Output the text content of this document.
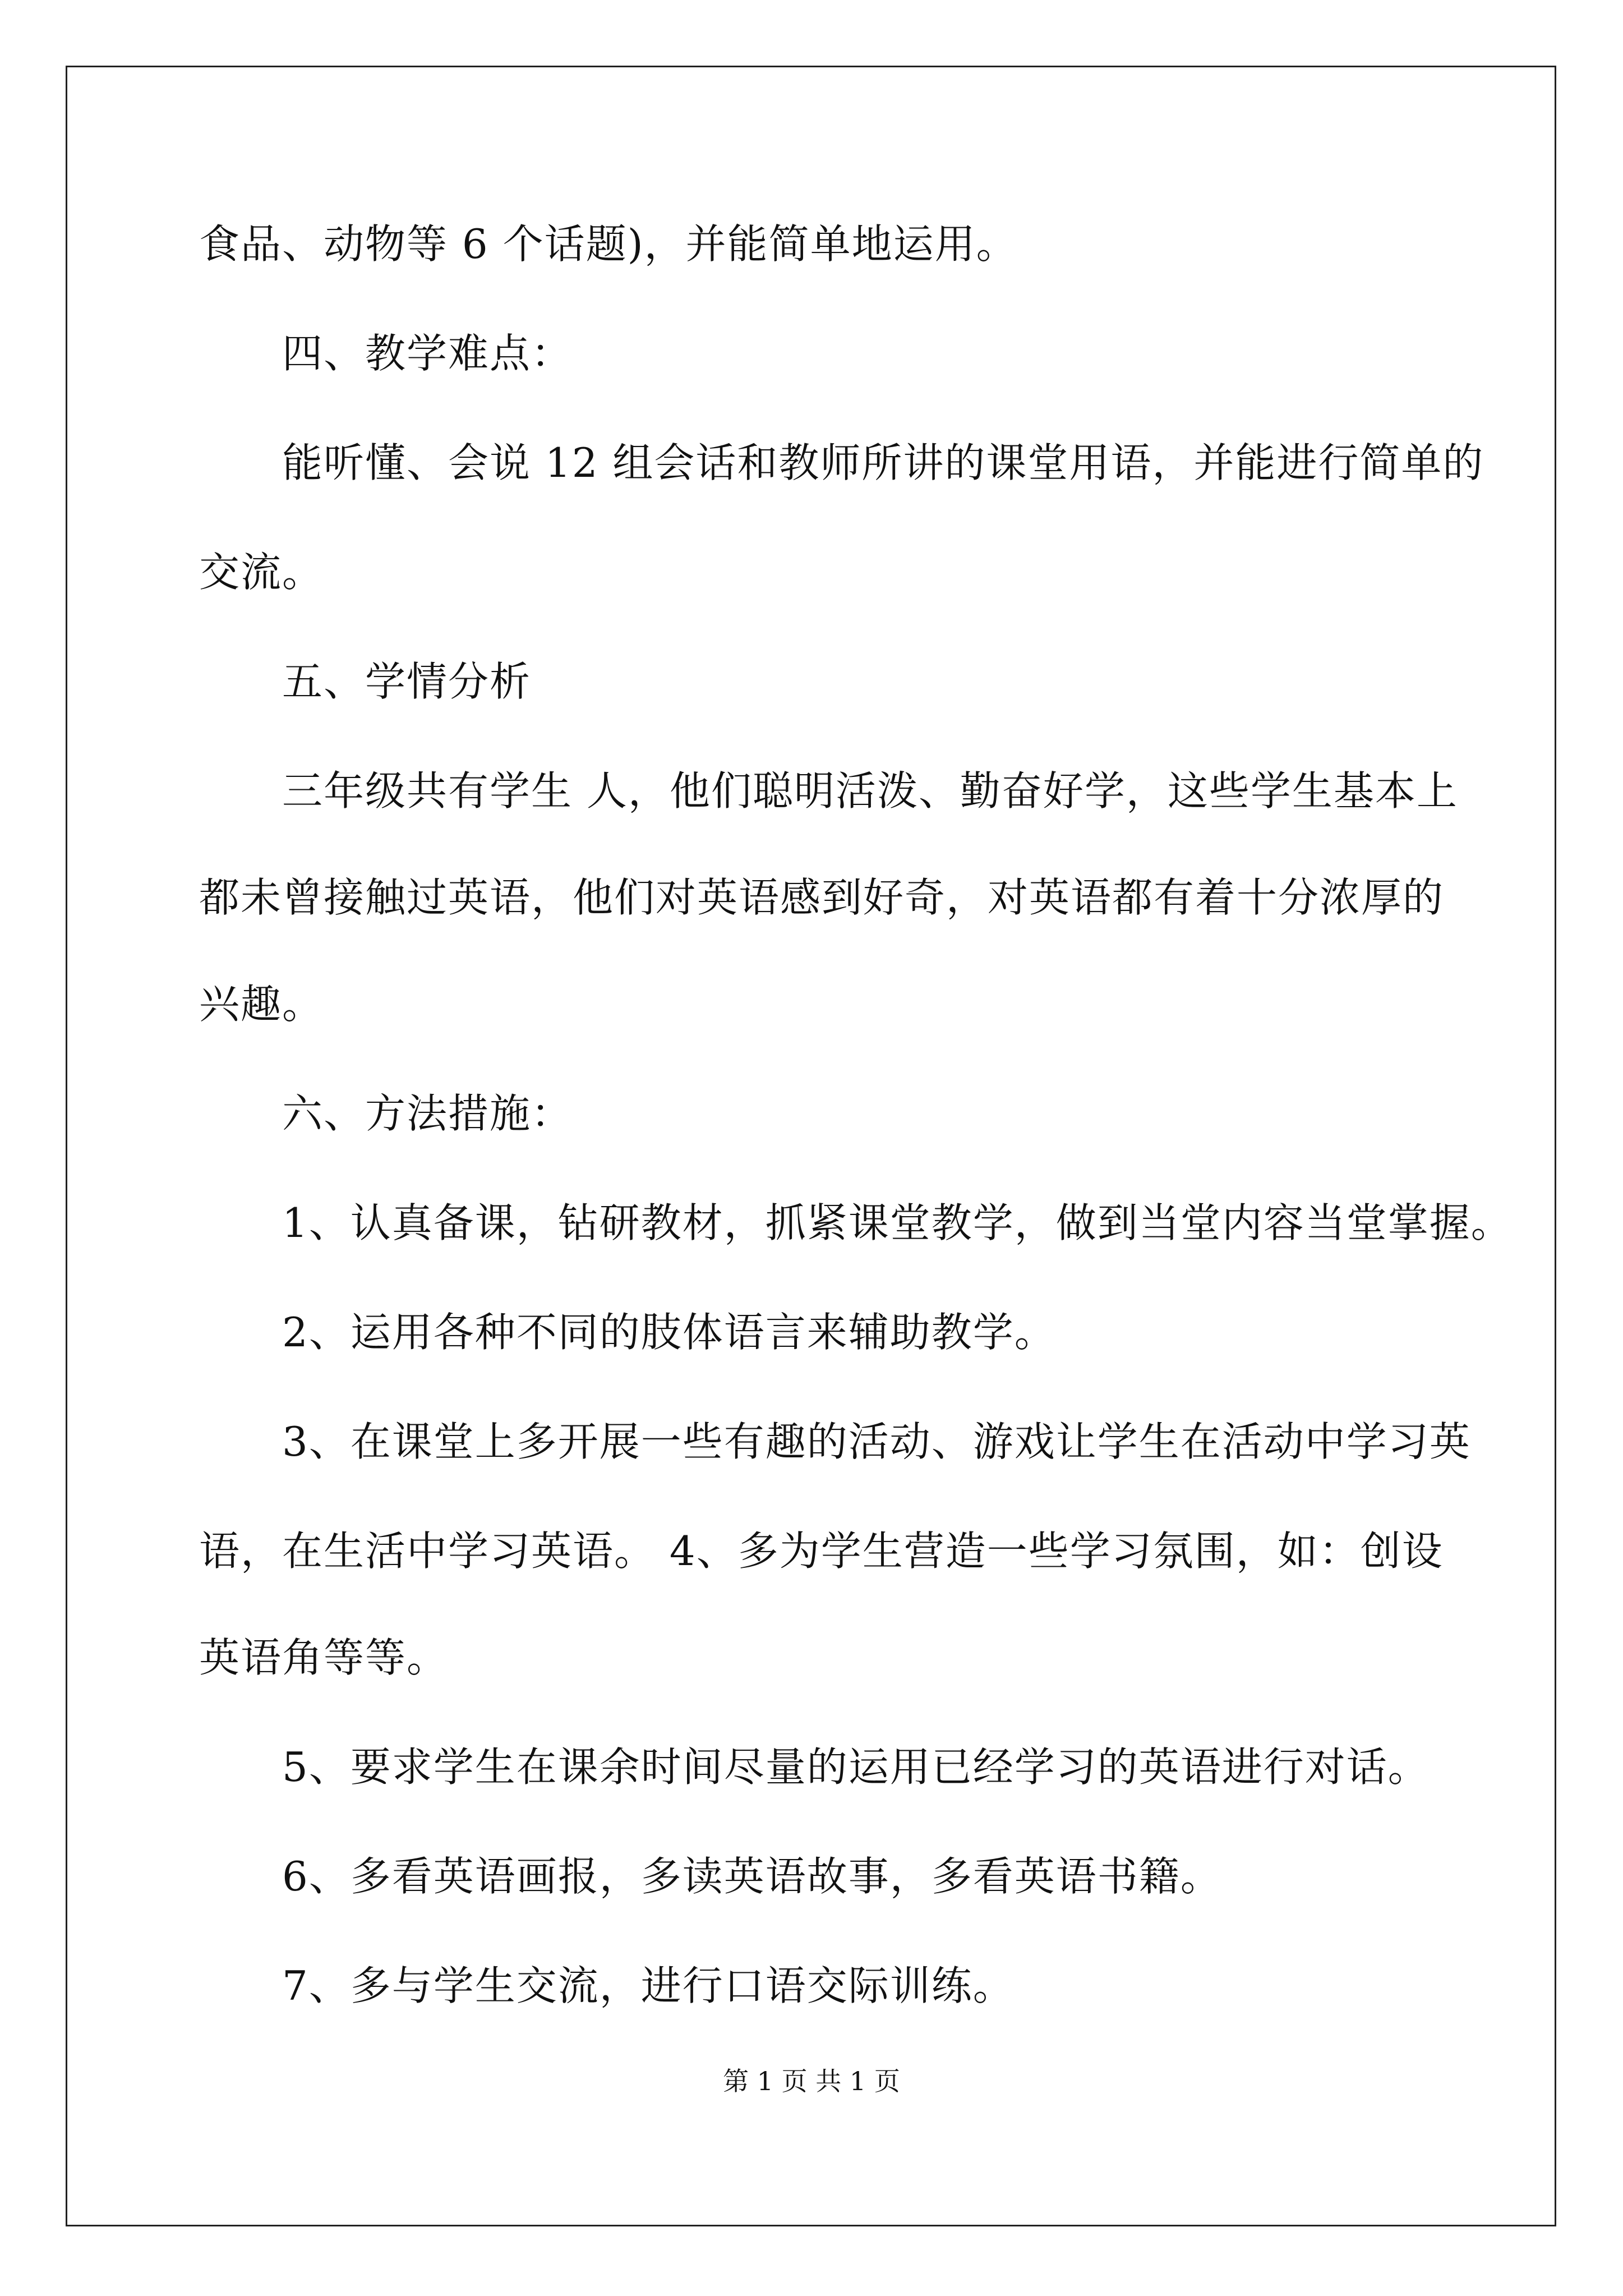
食品、动物等 6 个话题)，并能简单地运用。
四、教学难点：
能听懂、会说 12 组会话和教师所讲的课堂用语，并能进行简单的
交流。
五、学情分析
三年级共有学生 人，他们聪明活泼、勤奋好学，这些学生基本上
都未曾接触过英语，他们对英语感到好奇，对英语都有着十分浓厚的
兴趣。
六、方法措施：
1、认真备课，钻研教材，抓紧课堂教学，做到当堂内容当堂掌握。
2、运用各种不同的肢体语言来辅助教学。
3、在课堂上多开展一些有趣的活动、游戏让学生在活动中学习英
语，在生活中学习英语。 4、多为学生营造一些学习氛围，如：创设
英语角等等。
5、要求学生在课余时间尽量的运用已经学习的英语进行对话。
6、多看英语画报，多读英语故事，多看英语书籍。
7、多与学生交流，进行口语交际训练。
第 1 页 共 1 页
